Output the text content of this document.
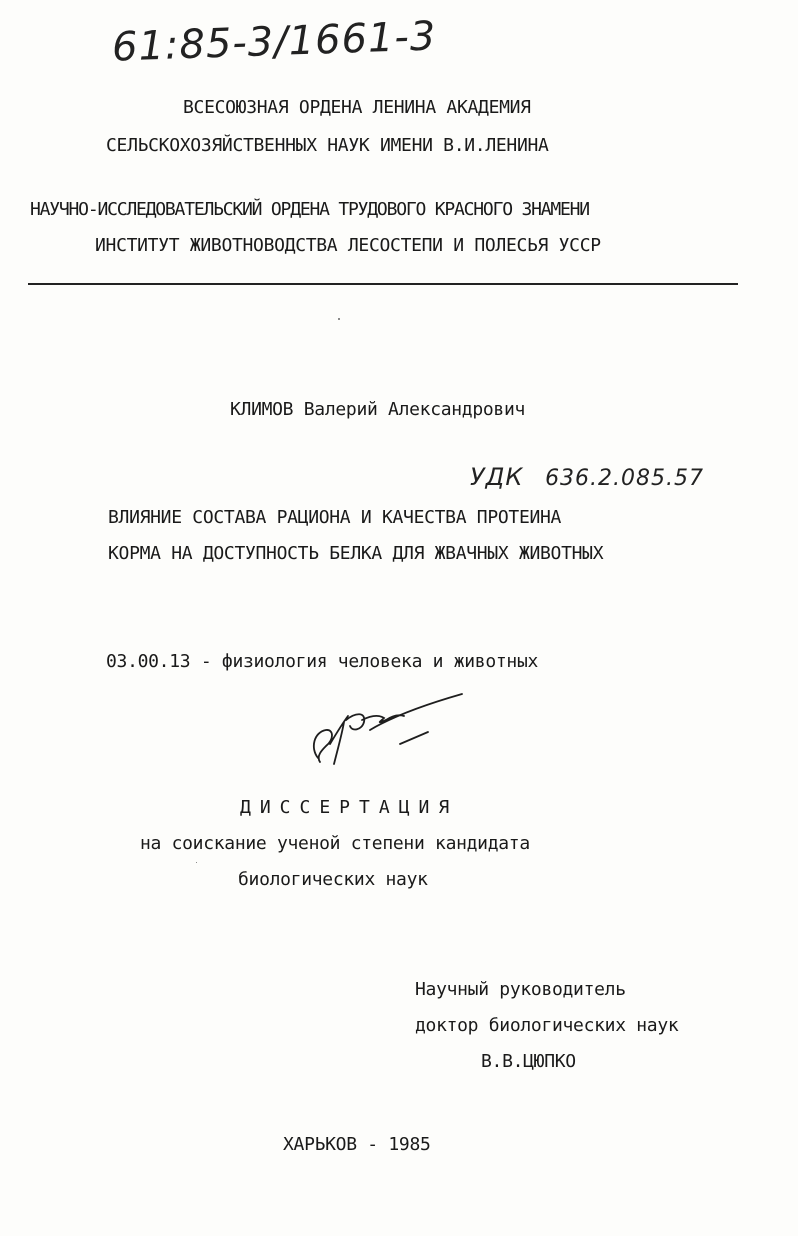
61:85-3/1661-3
ВСЕСОЮЗНАЯ ОРДЕНА ЛЕНИНА АКАДЕМИЯ
СЕЛЬСКОХОЗЯЙСТВЕННЫХ НАУК ИМЕНИ В.И.ЛЕНИНА
НАУЧНО-ИССЛЕДОВАТЕЛЬСКИЙ ОРДЕНА ТРУДОВОГО КРАСНОГО ЗНАМЕНИ
ИНСТИТУТ ЖИВОТНОВОДСТВА ЛЕСОСТЕПИ И ПОЛЕСЬЯ УССР
КЛИМОВ Валерий Александрович
УДК 636.2.085.57
ВЛИЯНИЕ СОСТАВА РАЦИОНА И КАЧЕСТВА ПРОТЕИНА
КОРМА НА ДОСТУПНОСТЬ БЕЛКА ДЛЯ ЖВАЧНЫХ ЖИВОТНЫХ
03.00.13 - физиология человека и животных
ДИССЕРТАЦИЯ
на соискание ученой степени кандидата
биологических наук
Научный руководитель
доктор биологических наук
В.В.ЦЮПКО
ХАРЬКОВ - 1985
